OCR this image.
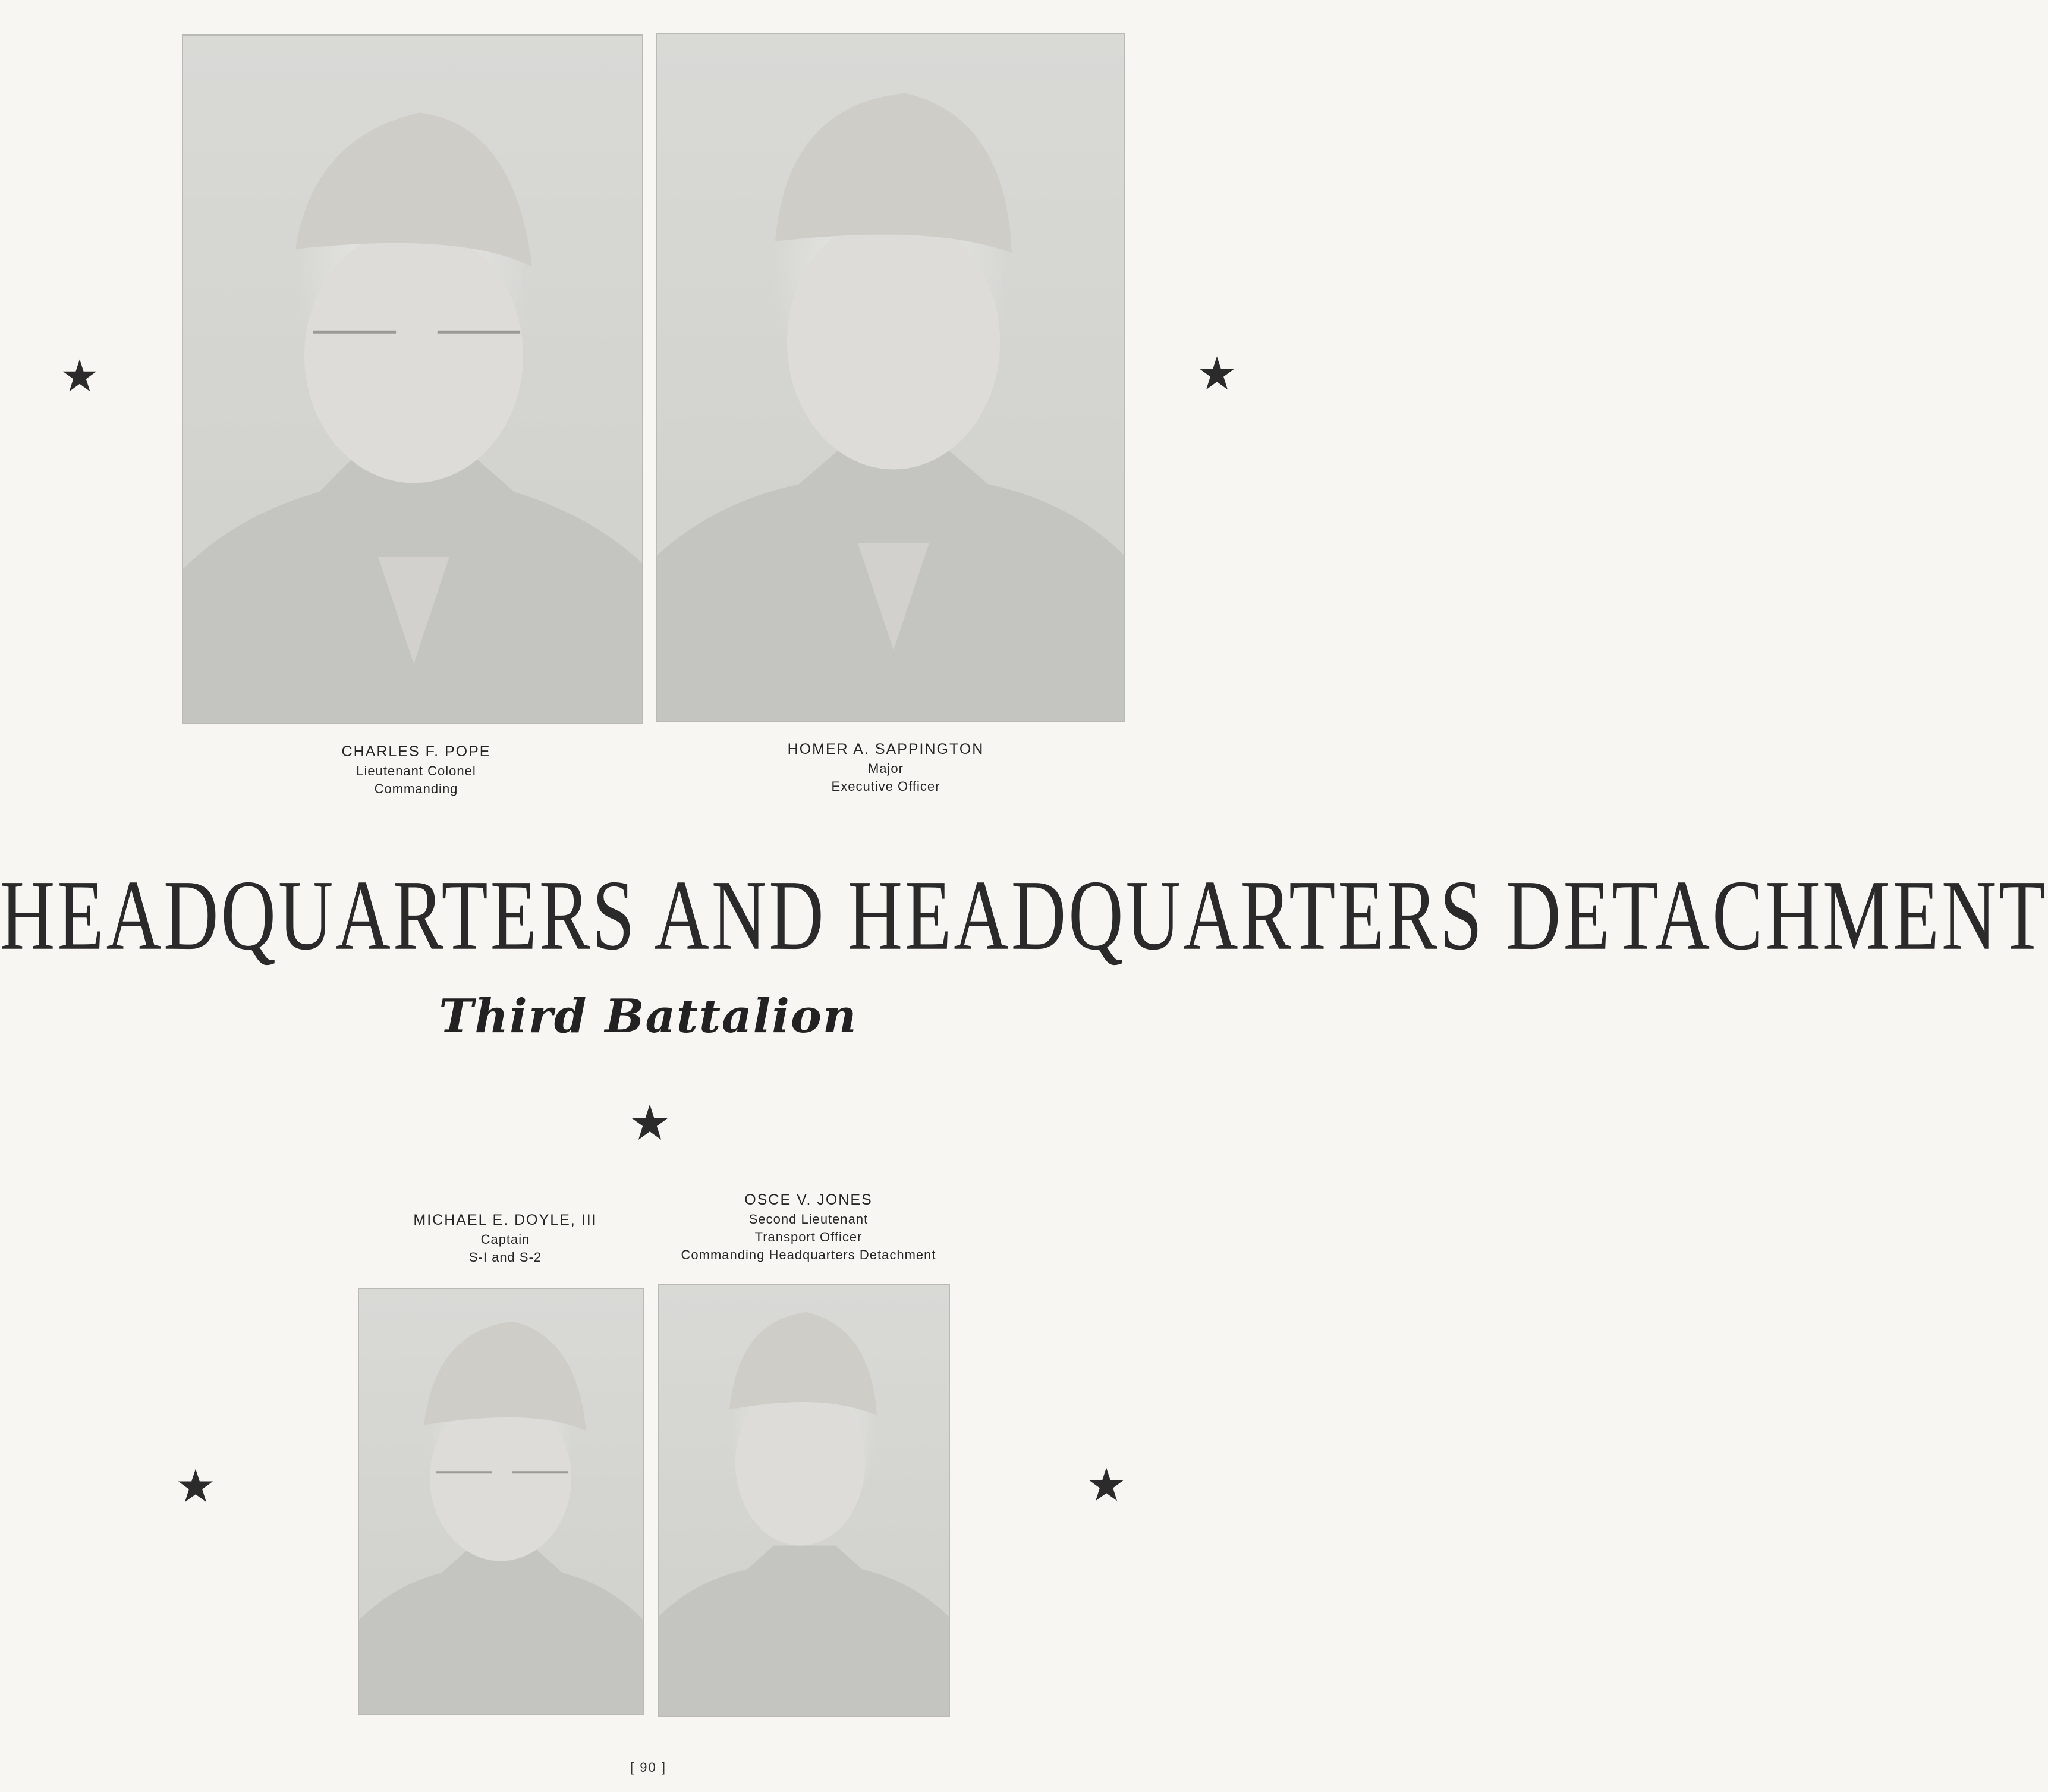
CHARLES F. POPE
Lieutenant Colonel
Commanding
HOMER A. SAPPINGTON
Major
Executive Officer
HEADQUARTERS AND HEADQUARTERS DETACHMENT
Third Battalion
MICHAEL E. DOYLE, III
Captain
S-I and S-2
OSCE V. JONES
Second Lieutenant
Transport Officer
Commanding Headquarters Detachment
[ 90 ]
